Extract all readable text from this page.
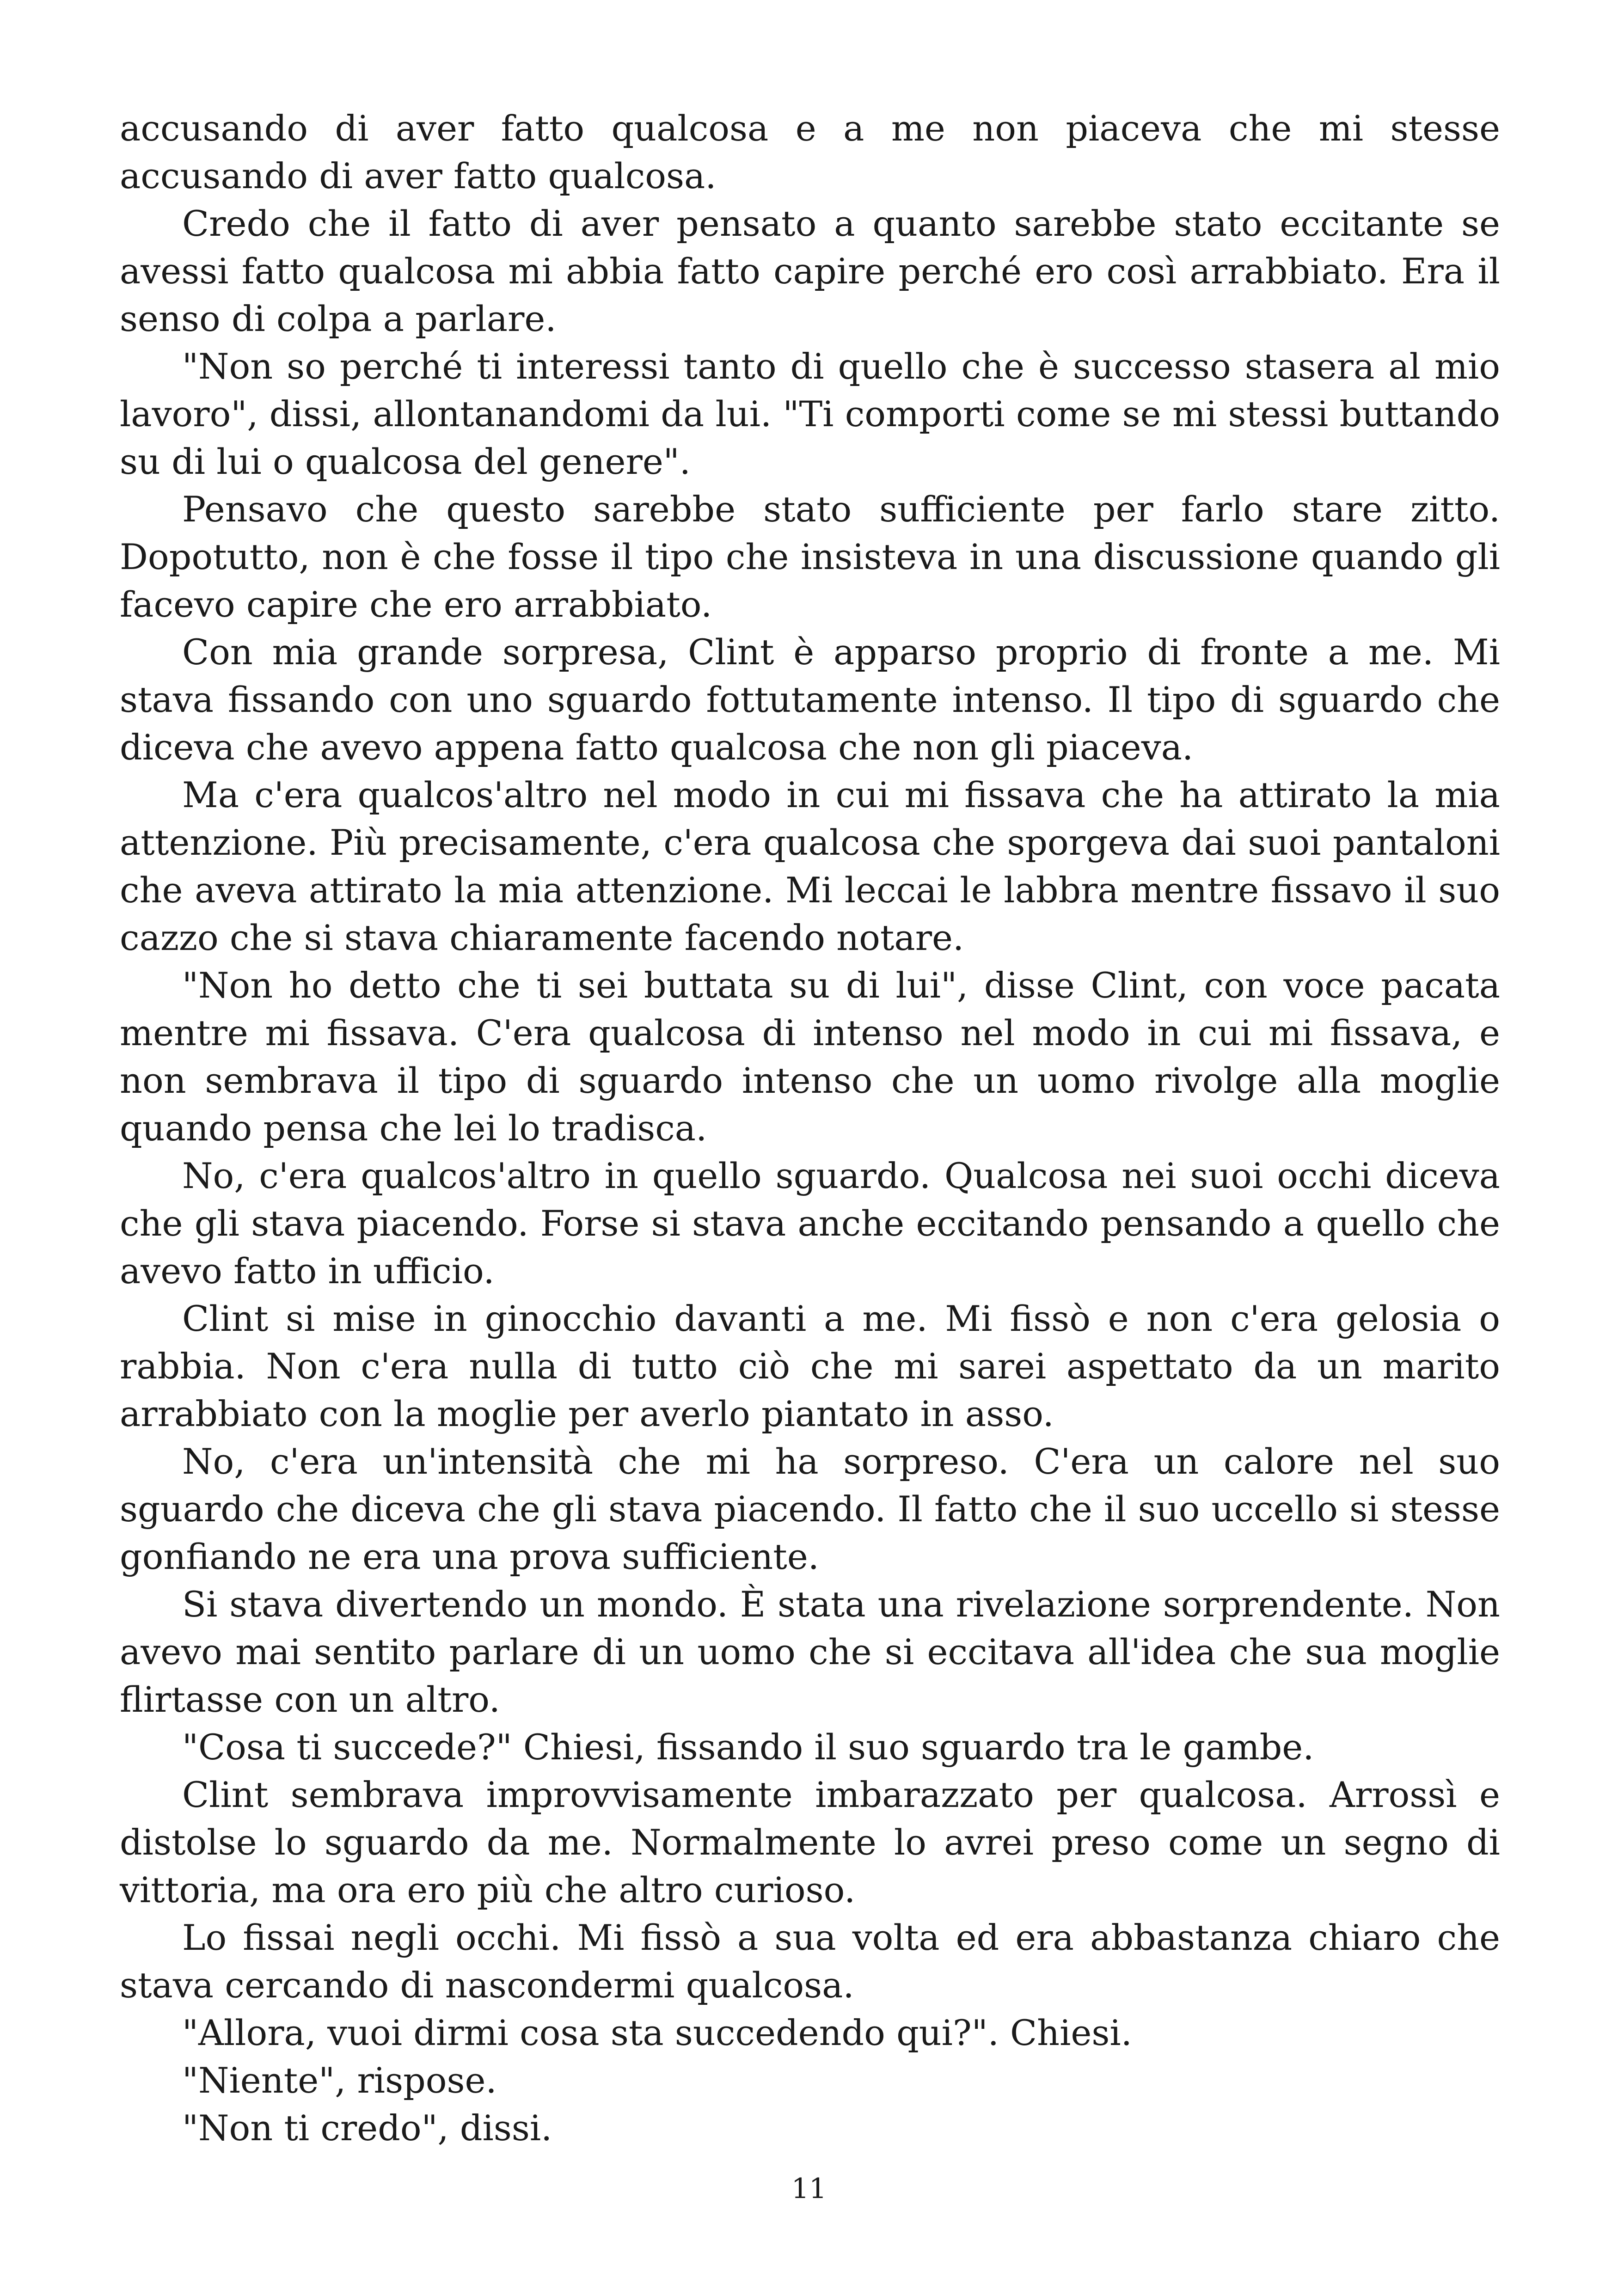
accusando di aver fatto qualcosa e a me non piaceva che mi stesse accusando di aver fatto qualcosa.

Credo che il fatto di aver pensato a quanto sarebbe stato eccitante se avessi fatto qualcosa mi abbia fatto capire perché ero così arrabbiato. Era il senso di colpa a parlare.

"Non so perché ti interessi tanto di quello che è successo stasera al mio lavoro", dissi, allontanandomi da lui. "Ti comporti come se mi stessi buttando su di lui o qualcosa del genere".

Pensavo che questo sarebbe stato sufficiente per farlo stare zitto. Dopotutto, non è che fosse il tipo che insisteva in una discussione quando gli facevo capire che ero arrabbiato.

Con mia grande sorpresa, Clint è apparso proprio di fronte a me. Mi stava fissando con uno sguardo fottutamente intenso. Il tipo di sguardo che diceva che avevo appena fatto qualcosa che non gli piaceva.

Ma c'era qualcos'altro nel modo in cui mi fissava che ha attirato la mia attenzione. Più precisamente, c'era qualcosa che sporgeva dai suoi pantaloni che aveva attirato la mia attenzione. Mi leccai le labbra mentre fissavo il suo cazzo che si stava chiaramente facendo notare.

"Non ho detto che ti sei buttata su di lui", disse Clint, con voce pacata mentre mi fissava. C'era qualcosa di intenso nel modo in cui mi fissava, e non sembrava il tipo di sguardo intenso che un uomo rivolge alla moglie quando pensa che lei lo tradisca.

No, c'era qualcos'altro in quello sguardo. Qualcosa nei suoi occhi diceva che gli stava piacendo. Forse si stava anche eccitando pensando a quello che avevo fatto in ufficio.

Clint si mise in ginocchio davanti a me. Mi fissò e non c'era gelosia o rabbia. Non c'era nulla di tutto ciò che mi sarei aspettato da un marito arrabbiato con la moglie per averlo piantato in asso.

No, c'era un'intensità che mi ha sorpreso. C'era un calore nel suo sguardo che diceva che gli stava piacendo. Il fatto che il suo uccello si stesse gonfiando ne era una prova sufficiente.

Si stava divertendo un mondo. È stata una rivelazione sorprendente. Non avevo mai sentito parlare di un uomo che si eccitava all'idea che sua moglie flirtasse con un altro.

"Cosa ti succede?" Chiesi, fissando il suo sguardo tra le gambe.

Clint sembrava improvvisamente imbarazzato per qualcosa. Arrossì e distolse lo sguardo da me. Normalmente lo avrei preso come un segno di vittoria, ma ora ero più che altro curioso.

Lo fissai negli occhi. Mi fissò a sua volta ed era abbastanza chiaro che stava cercando di nascondermi qualcosa.

"Allora, vuoi dirmi cosa sta succedendo qui?". Chiesi.

"Niente", rispose.

"Non ti credo", dissi.

11
